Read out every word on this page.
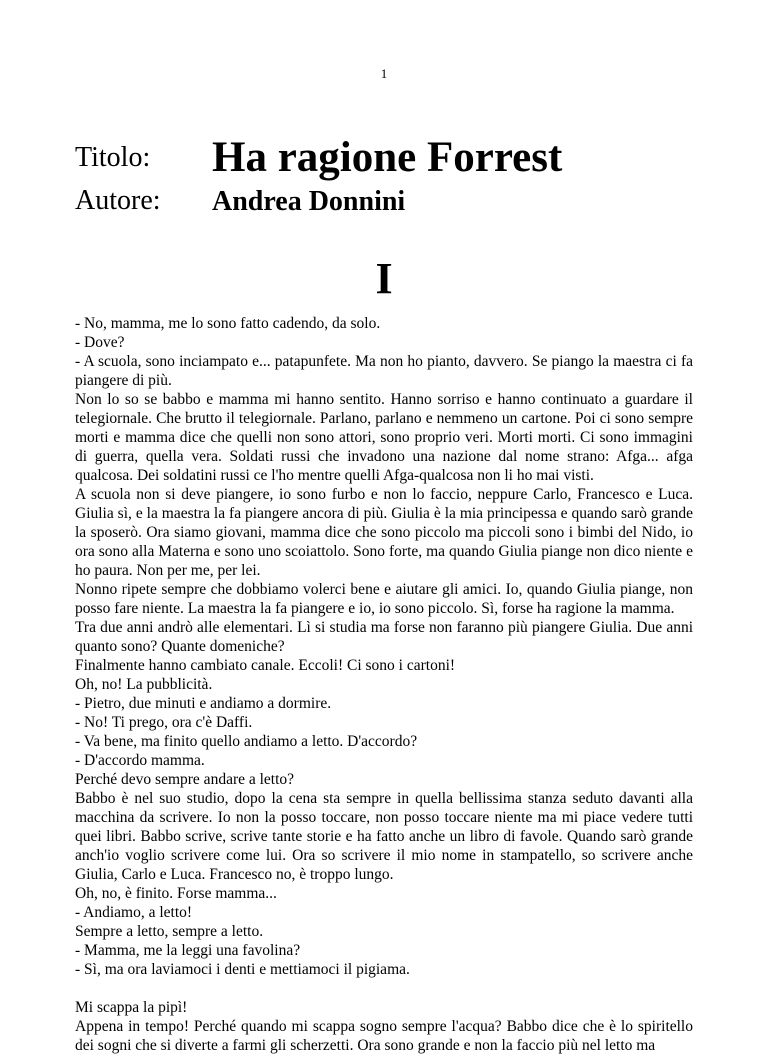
1
Titolo: Ha ragione Forrest
Autore: Andrea Donnini
I

- No, mamma, me lo sono fatto cadendo, da solo.

- Dove?

- A scuola, sono inciampato e... patapunfete. Ma non ho pianto, davvero. Se piango la maestra ci fa piangere di più.

Non lo so se babbo e mamma mi hanno sentito. Hanno sorriso e hanno continuato a guardare il telegiornale. Che brutto il telegiornale. Parlano, parlano e nemmeno un cartone. Poi ci sono sempre morti e mamma dice che quelli non sono attori, sono proprio veri. Morti morti. Ci sono immagini di guerra, quella vera. Soldati russi che invadono una nazione dal nome strano: Afga... afga qualcosa. Dei soldatini russi ce l'ho mentre quelli Afga-qualcosa non li ho mai visti.

A scuola non si deve piangere, io sono furbo e non lo faccio, neppure Carlo, Francesco e Luca. Giulia sì, e la maestra la fa piangere ancora di più. Giulia è la mia principessa e quando sarò grande la sposerò. Ora siamo giovani, mamma dice che sono piccolo ma piccoli sono i bimbi del Nido, io ora sono alla Materna e sono uno scoiattolo. Sono forte, ma quando Giulia piange non dico niente e ho paura. Non per me, per lei.

Nonno ripete sempre che dobbiamo volerci bene e aiutare gli amici. Io, quando Giulia piange, non posso fare niente. La maestra la fa piangere e io, io sono piccolo. Sì, forse ha ragione la mamma.

Tra due anni andrò alle elementari. Lì si studia ma forse non faranno più piangere Giulia. Due anni quanto sono? Quante domeniche?

Finalmente hanno cambiato canale. Eccoli! Ci sono i cartoni!

Oh, no! La pubblicità.

- Pietro, due minuti e andiamo a dormire.

- No! Ti prego, ora c'è Daffi.

- Va bene, ma finito quello andiamo a letto. D'accordo?

- D'accordo mamma.

Perché devo sempre andare a letto?

Babbo è nel suo studio, dopo la cena sta sempre in quella bellissima stanza seduto davanti alla macchina da scrivere. Io non la posso toccare, non posso toccare niente ma mi piace vedere tutti quei libri. Babbo scrive, scrive tante storie e ha fatto anche un libro di favole. Quando sarò grande anch'io voglio scrivere come lui. Ora so scrivere il mio nome in stampatello, so scrivere anche Giulia, Carlo e Luca. Francesco no, è troppo lungo.

Oh, no, è finito. Forse mamma...

- Andiamo, a letto!

Sempre a letto, sempre a letto.

- Mamma, me la leggi una favolina?

- Sì, ma ora laviamoci i denti e mettiamoci il pigiama.

Mi scappa la pipì!

Appena in tempo! Perché quando mi scappa sogno sempre l'acqua? Babbo dice che è lo spiritello dei sogni che si diverte a farmi gli scherzetti. Ora sono grande e non la faccio più nel letto ma
